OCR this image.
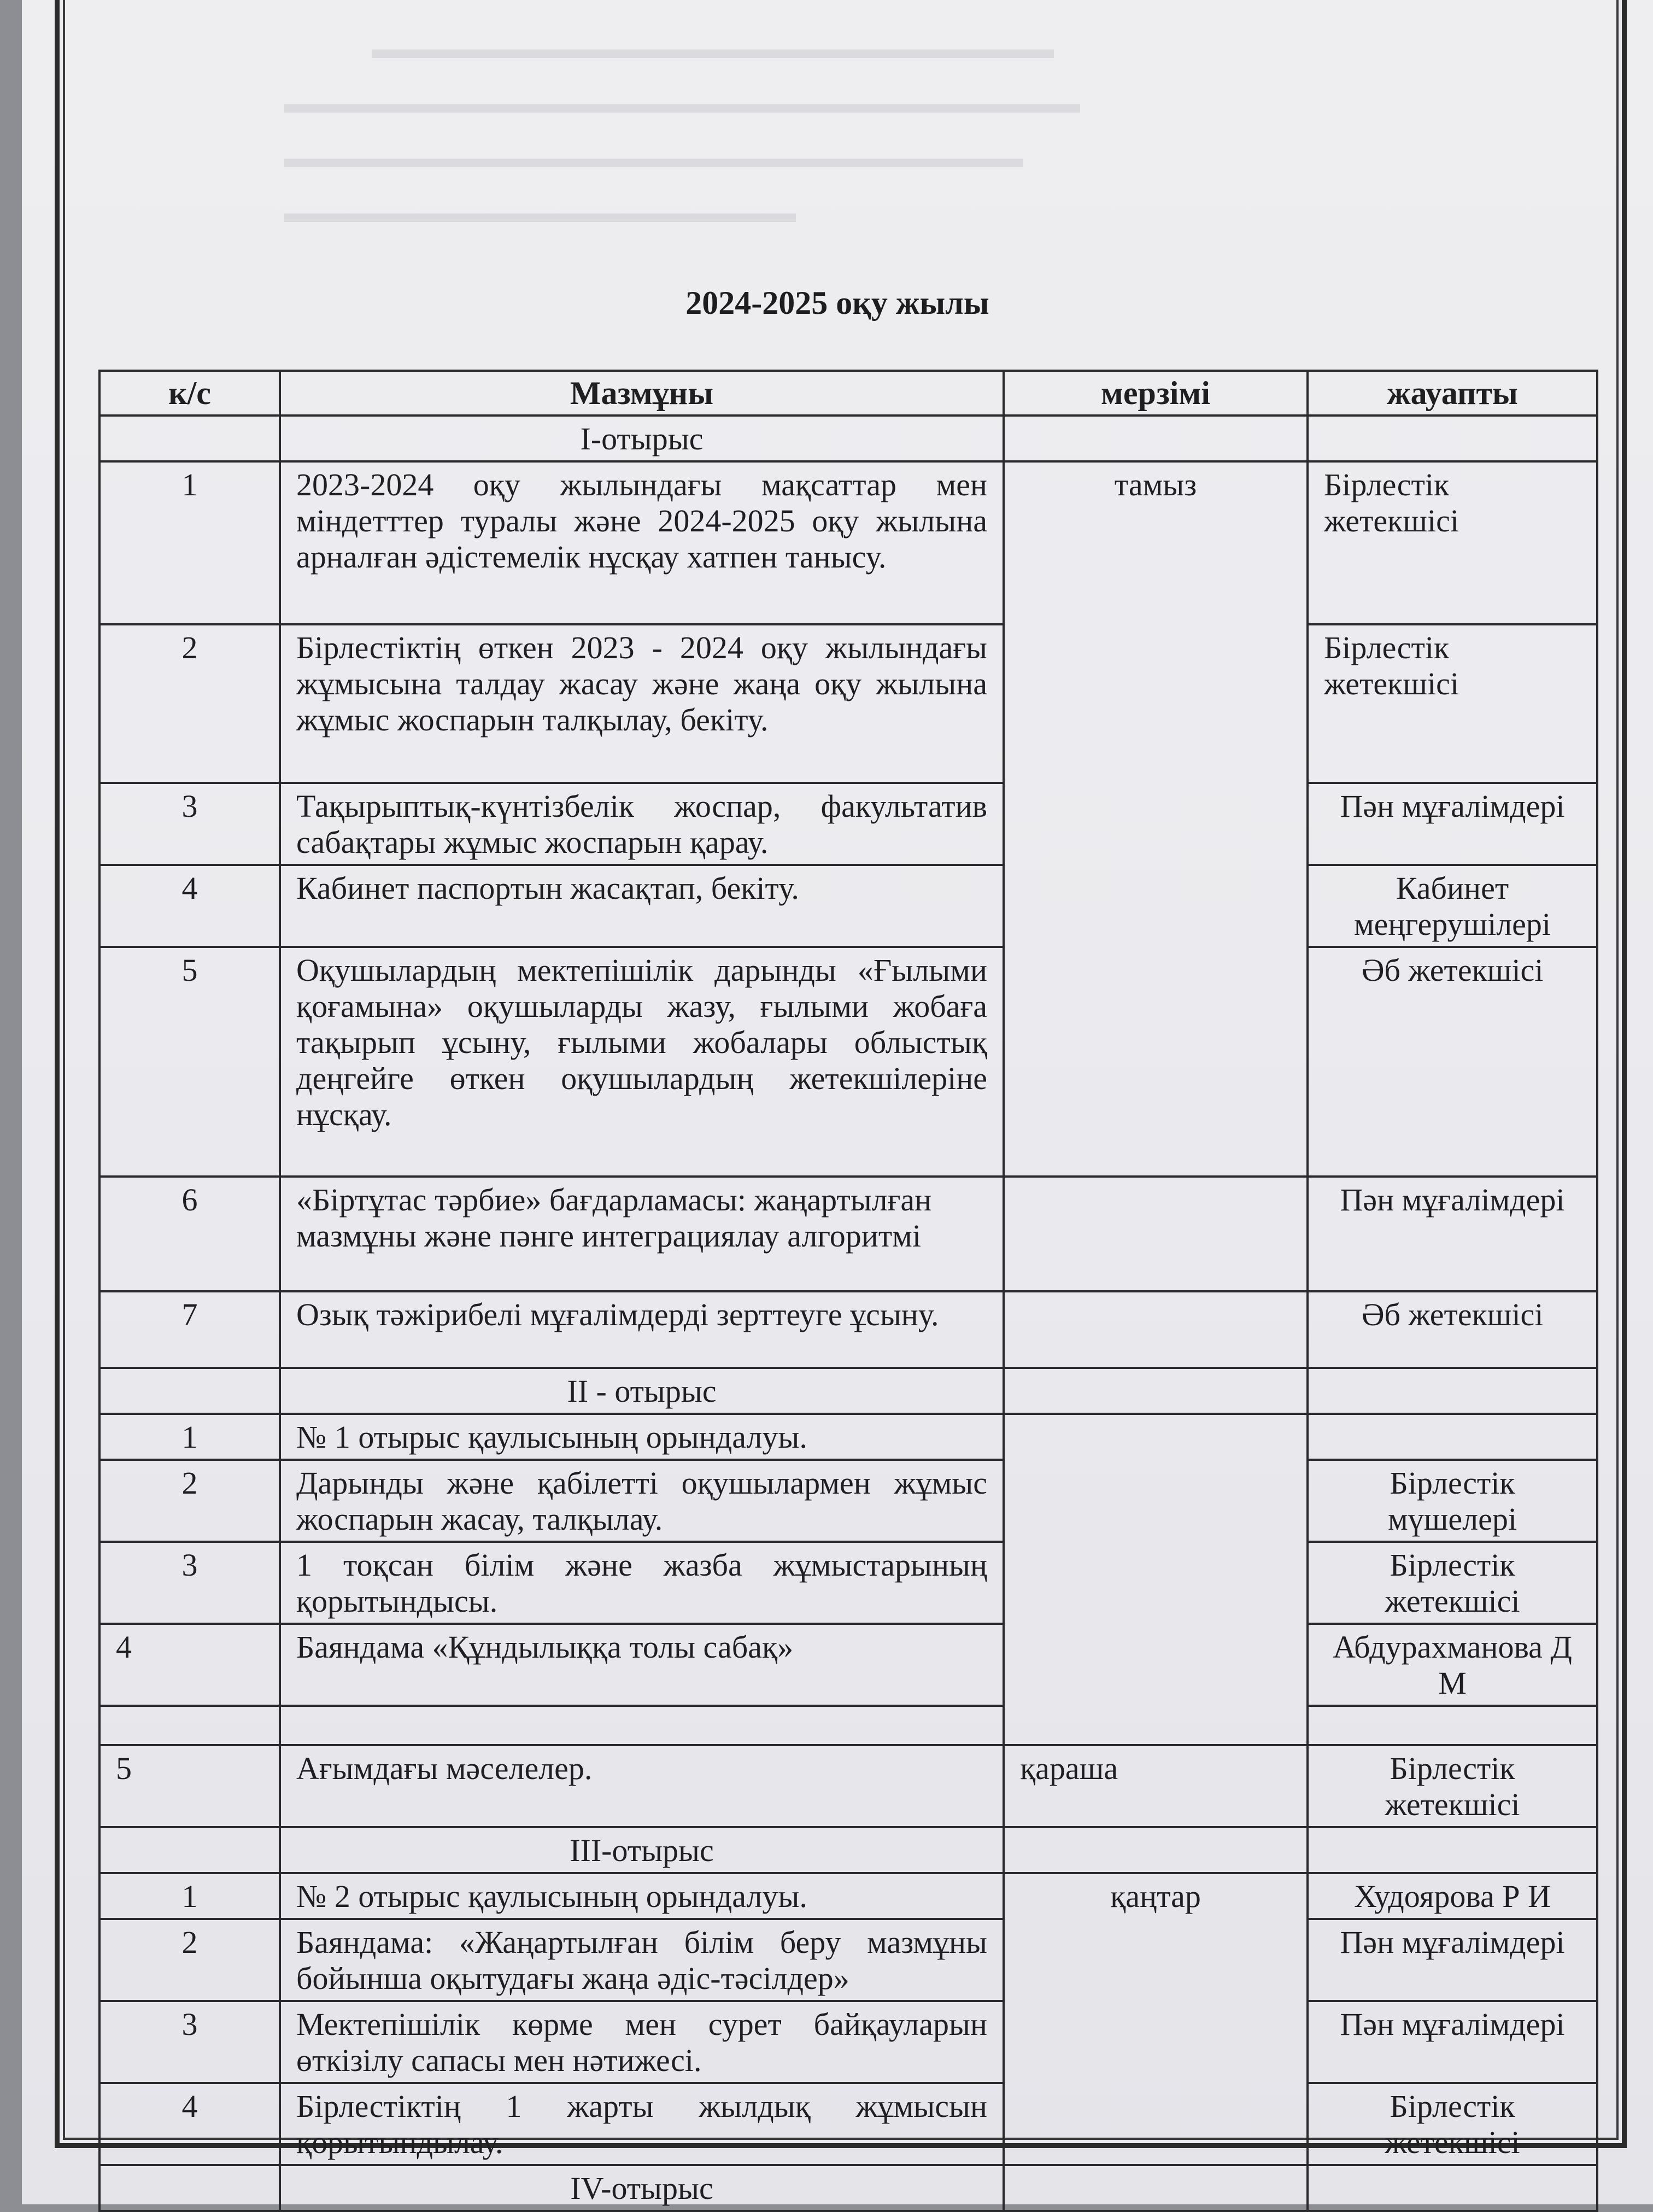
▬▬▬▬▬▬▬▬▬▬▬▬▬▬▬▬▬▬▬▬▬▬▬▬
▬▬▬▬▬▬▬▬▬▬▬▬▬▬▬▬▬▬▬▬▬▬▬▬▬▬▬▬
▬▬▬▬▬▬▬▬▬▬▬▬▬▬▬▬▬▬▬▬▬▬▬▬▬▬
▬▬▬▬▬▬▬▬▬▬▬▬▬▬▬▬▬▬
2024-2025 оқу жылы
к/с	Мазмұны	мерзімі	жауапты
	І-отырыс		
1	2023-2024 оқу жылындағы мақсаттар мен міндетттер туралы және 2024-2025 оқу жылына арналған әдістемелік нұсқау хатпен танысу.	тамыз	Бірлестік жетекшісі
2	Бірлестіктің өткен 2023 - 2024 оқу жылындағы жұмысына талдау жасау және жаңа оқу жылына жұмыс жоспарын талқылау, бекіту.		Бірлестік жетекшісі
3	Тақырыптық-күнтізбелік жоспар, факультатив сабақтары жұмыс жоспарын қарау.		Пән мұғалімдері
4	Кабинет паспортын жасақтап, бекіту.		Кабинет меңгерушілері
5	Оқушылардың мектепішілік дарынды «Ғылыми қоғамына» оқушыларды жазу, ғылыми жобаға тақырып ұсыну, ғылыми жобалары облыстық деңгейге өткен оқушылардың жетекшілеріне нұсқау.		Әб жетекшісі
6	«Біртұтас тәрбие» бағдарламасы: жаңартылған мазмұны және пәнге интеграциялау алгоритмі		Пән мұғалімдері
7	Озық тәжірибелі мұғалімдерді зерттеуге ұсыну.		Әб жетекшісі
	ІІ - отырыс		
1	№ 1 отырыс қаулысының орындалуы.		
2	Дарынды және қабілетті оқушылармен жұмыс жоспарын жасау, талқылау.		Бірлестік мүшелері
3	1 тоқсан білім және жазба жұмыстарының қорытындысы.		Бірлестік жетекшісі
4	Баяндама «Құндылыққа толы сабақ»		Абдурахманова Д М

5	Ағымдағы мәселелер.	қараша	Бірлестік жетекшісі
	ІІІ-отырыс		
1	№ 2 отырыс қаулысының орындалуы.	қаңтар	Худоярова Р И
2	Баяндама: «Жаңартылған білім беру мазмұны бойынша оқытудағы жаңа әдіс-тәсілдер»		Пән мұғалімдері
3	Мектепішілік көрме мен сурет байқауларын өткізілу сапасы мен нәтижесі.		Пән мұғалімдері
4	Бірлестіктің 1 жарты жылдық жұмысын қорытындылау.		Бірлестік жетекшісі
	IV-отырыс		
